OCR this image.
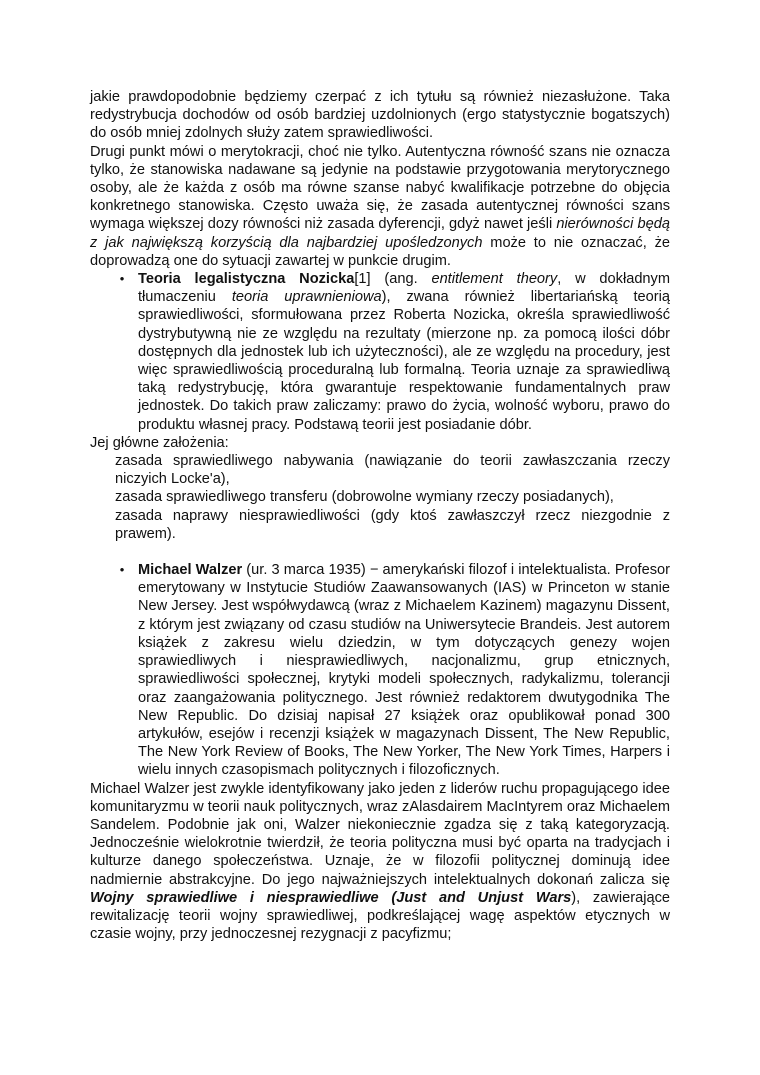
jakie prawdopodobnie będziemy czerpać z ich tytułu są również niezasłużone. Taka redystrybucja dochodów od osób bardziej uzdolnionych (ergo statystycznie bogatszych) do osób mniej zdolnych służy zatem sprawiedliwości.

Drugi punkt mówi o merytokracji, choć nie tylko. Autentyczna równość szans nie oznacza tylko, że stanowiska nadawane są jedynie na podstawie przygotowania merytorycznego osoby, ale że każda z osób ma równe szanse nabyć kwalifikacje potrzebne do objęcia konkretnego stanowiska. Często uważa się, że zasada autentycznej równości szans wymaga większej dozy równości niż zasada dyferencji, gdyż nawet jeśli nierówności będą z jak największą korzyścią dla najbardziej upośledzonych może to nie oznaczać, że doprowadzą one do sytuacji zawartej w punkcie drugim.

• Teoria legalistyczna Nozicka[1] (ang. entitlement theory, w dokładnym tłumaczeniu teoria uprawnieniowa), zwana również libertariańską teorią sprawiedliwości, sformułowana przez Roberta Nozicka, określa sprawiedliwość dystrybutywną nie ze względu na rezultaty (mierzone np. za pomocą ilości dóbr dostępnych dla jednostek lub ich użyteczności), ale ze względu na procedury, jest więc sprawiedliwością proceduralną lub formalną. Teoria uznaje za sprawiedliwą taką redystrybucję, która gwarantuje respektowanie fundamentalnych praw jednostek. Do takich praw zaliczamy: prawo do życia, wolność wyboru, prawo do produktu własnej pracy. Podstawą teorii jest posiadanie dóbr.

Jej główne założenia:

zasada sprawiedliwego nabywania (nawiązanie do teorii zawłaszczania rzeczy niczyich Locke'a),

zasada sprawiedliwego transferu (dobrowolne wymiany rzeczy posiadanych),

zasada naprawy niesprawiedliwości (gdy ktoś zawłaszczył rzecz niezgodnie z prawem).

• Michael Walzer (ur. 3 marca 1935) − amerykański filozof i intelektualista. Profesor emerytowany w Instytucie Studiów Zaawansowanych (IAS) w Princeton w stanie New Jersey. Jest współwydawcą (wraz z Michaelem Kazinem) magazynu Dissent, z którym jest związany od czasu studiów na Uniwersytecie Brandeis. Jest autorem książek z zakresu wielu dziedzin, w tym dotyczących genezy wojen sprawiedliwych i niesprawiedliwych, nacjonalizmu, grup etnicznych, sprawiedliwości społecznej, krytyki modeli społecznych, radykalizmu, tolerancji oraz zaangażowania politycznego. Jest również redaktorem dwutygodnika The New Republic. Do dzisiaj napisał 27 książek oraz opublikował ponad 300 artykułów, esejów i recenzji książek w magazynach Dissent, The New Republic, The New York Review of Books, The New Yorker, The New York Times, Harpers i wielu innych czasopismach politycznych i filozoficznych.

Michael Walzer jest zwykle identyfikowany jako jeden z liderów ruchu propagującego idee komunitaryzmu w teorii nauk politycznych, wraz zAlasdairem MacIntyrem oraz Michaelem Sandelem. Podobnie jak oni, Walzer niekoniecznie zgadza się z taką kategoryzacją. Jednocześnie wielokrotnie twierdził, że teoria polityczna musi być oparta na tradycjach i kulturze danego społeczeństwa. Uznaje, że w filozofii politycznej dominują idee nadmiernie abstrakcyjne. Do jego najważniejszych intelektualnych dokonań zalicza się Wojny sprawiedliwe i niesprawiedliwe (Just and Unjust Wars), zawierające rewitalizację teorii wojny sprawiedliwej, podkreślającej wagę aspektów etycznych w czasie wojny, przy jednoczesnej rezygnacji z pacyfizmu;
